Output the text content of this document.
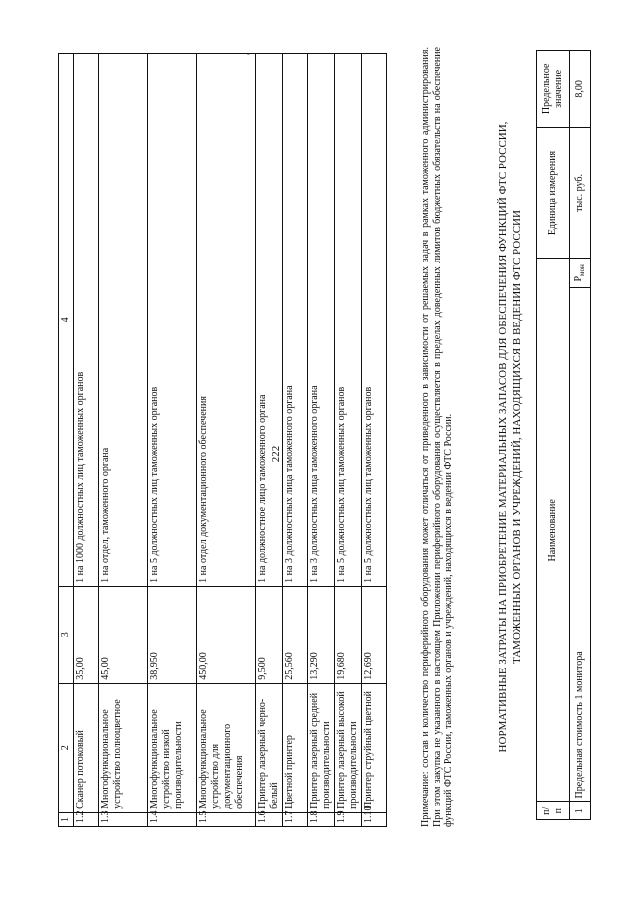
222
1	2	3	4
1.2	Сканер потоковый	35,00	1 на 1000 должностных лиц таможенных органов
1.3	Многофункциональное устройство полноцветное	45,00	1 на отдел, таможенного органа
1.4	Многофункциональное устройство низкой производительности	38,950	1 на 5 должностных лиц таможенных органов
1.5	Многофункциональное устройство для документационного обеспечения	450,00	1 на отдел документационного обеспечения
1.6	Принтер лазерный черно-белый	9,500	1 на должностное лицо таможенного органа
1.7	Цветной принтер	25,560	1 на 3 должностных лица таможенного органа
1.8	Принтер лазерный средней производительности	13,290	1 на 3 должностных лица таможенного органа
1.9	Принтер лазерный высокой производительности	19,680	1 на 5 должностных лиц таможенных органов
1.10	Принтер струйный цветной	12,690	1 на 5 должностных лиц таможенных органов
′	Примечание: состав и количество периферийного оборудования может отличаться от приведенного в зависимости от решаемых задач в рамках таможенного администрирования. При этом закупка не указанного в настоящем Приложении периферийного оборудования осуществляется в пределах доведенных лимитов бюджетных обязательств на обеспечение функций ФТС России, таможенных органов и учреждений, находящихся в ведении ФТС России.	НОРМАТИВНЫЕ ЗАТРАТЫ НА ПРИОБРЕТЕНИЕ МАТЕРИАЛЬНЫХ ЗАПАСОВ ДЛЯ ОБЕСПЕЧЕНИЯ ФУНКЦИЙ ФТС РОССИИ, ТАМОЖЕННЫХ ОРГАНОВ И УЧРЕЖДЕНИЙ, НАХОДЯЩИХСЯ В ВЕДЕНИИ ФТС РОССИИ
п/п	Наименование		Единица измерения	Предельное значение
1	Предельная стоимость 1 монитора	$P_{мон}$	тыс. руб.	8,00
